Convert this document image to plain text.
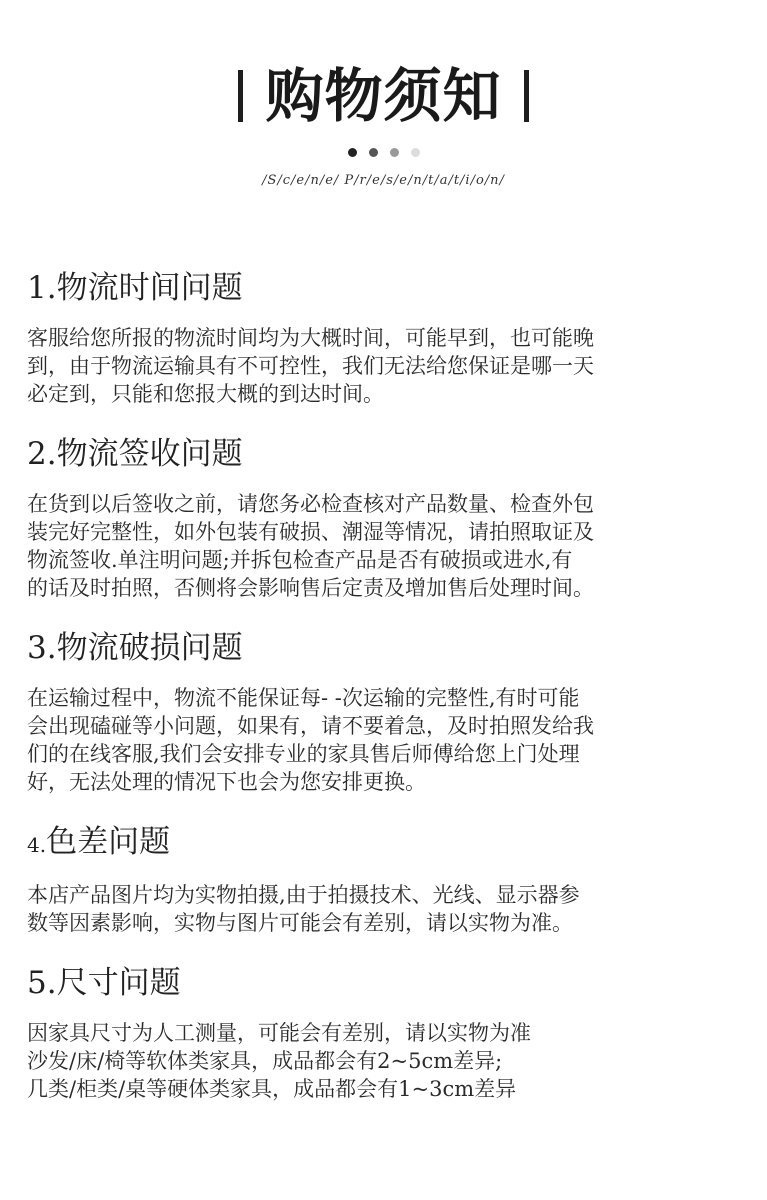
购物须知
/S/c/e/n/e/ P/r/e/s/e/n/t/a/t/i/o/n/
1.物流时间问题
客服给您所报的物流时间均为大概时间，可能早到，也可能晚
到，由于物流运输具有不可控性，我们无法给您保证是哪一天
必定到，只能和您报大概的到达时间。
2.物流签收问题
在货到以后签收之前，请您务必检查核对产品数量、检查外包
装完好完整性，如外包装有破损、潮湿等情况，请拍照取证及
物流签收.单注明问题;并拆包检查产品是否有破损或进水,有
的话及时拍照，否侧将会影响售后定责及增加售后处理时间。
3.物流破损问题
在运输过程中，物流不能保证每- -次运输的完整性,有时可能
会出现磕碰等小问题，如果有，请不要着急，及时拍照发给我
们的在线客服,我们会安排专业的家具售后师傅给您上门处理
好，无法处理的情况下也会为您安排更换。
4.色差问题
本店产品图片均为实物拍摄,由于拍摄技术、光线、显示器参
数等因素影响，实物与图片可能会有差别，请以实物为准。
5.尺寸问题
因家具尺寸为人工测量，可能会有差别，请以实物为准
沙发/床/椅等软体类家具，成品都会有2~5cm差异;
几类/柜类/桌等硬体类家具，成品都会有1~3cm差异
